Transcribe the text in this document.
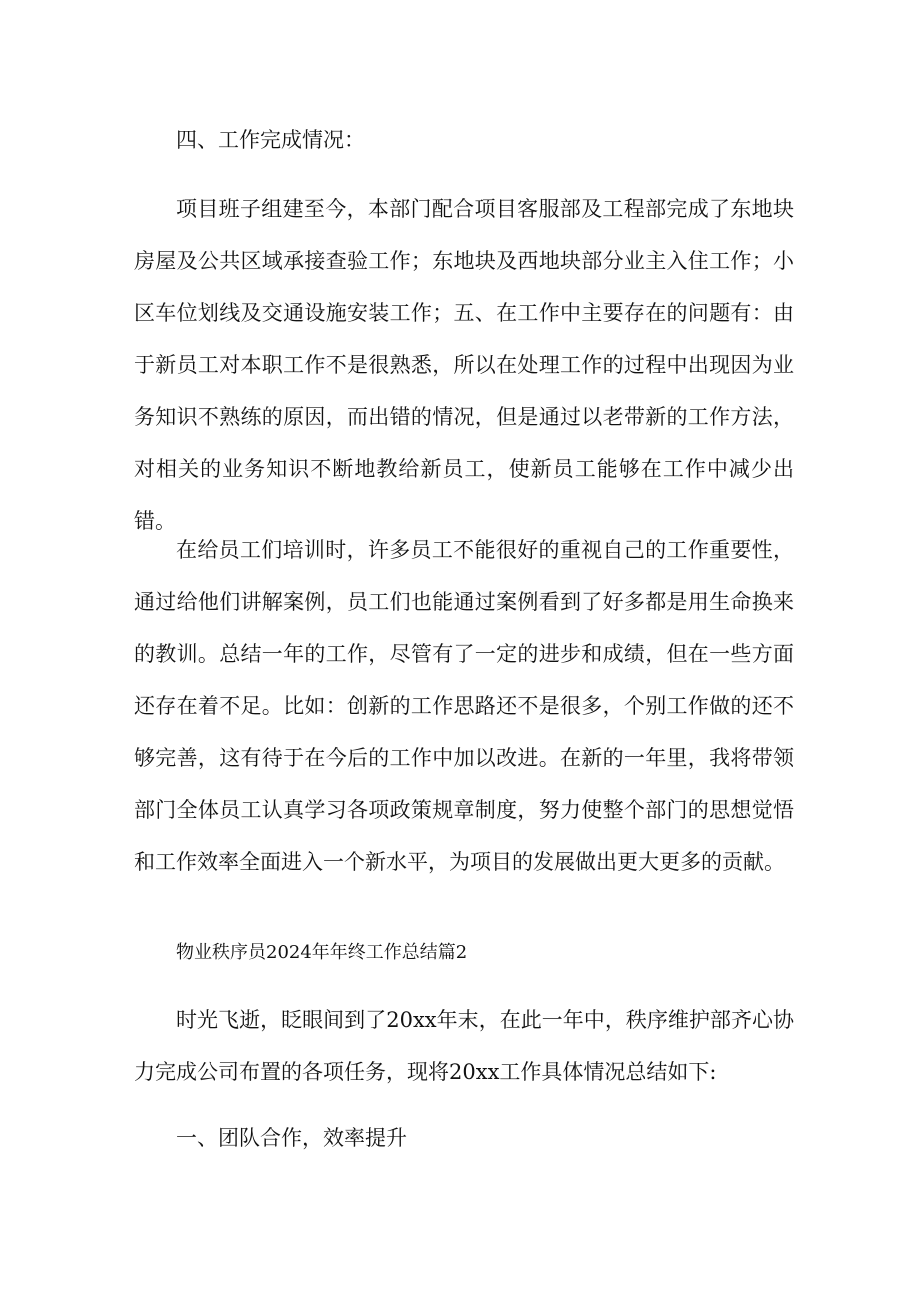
四、工作完成情况：

项目班子组建至今，本部门配合项目客服部及工程部完成了东地块房屋及公共区域承接查验工作；东地块及西地块部分业主入住工作；小区车位划线及交通设施安装工作；五、在工作中主要存在的问题有：由于新员工对本职工作不是很熟悉，所以在处理工作的过程中出现因为业务知识不熟练的原因，而出错的情况，但是通过以老带新的工作方法，对相关的业务知识不断地教给新员工，使新员工能够在工作中减少出错。

在给员工们培训时，许多员工不能很好的重视自己的工作重要性，通过给他们讲解案例，员工们也能通过案例看到了好多都是用生命换来的教训。总结一年的工作，尽管有了一定的进步和成绩，但在一些方面还存在着不足。比如：创新的工作思路还不是很多，个别工作做的还不够完善，这有待于在今后的工作中加以改进。在新的一年里，我将带领部门全体员工认真学习各项政策规章制度，努力使整个部门的思想觉悟和工作效率全面进入一个新水平，为项目的发展做出更大更多的贡献。

物业秩序员2024年年终工作总结篇2

时光飞逝，眨眼间到了20xx年末，在此一年中，秩序维护部齐心协力完成公司布置的各项任务，现将20xx工作具体情况总结如下:

一、团队合作，效率提升
